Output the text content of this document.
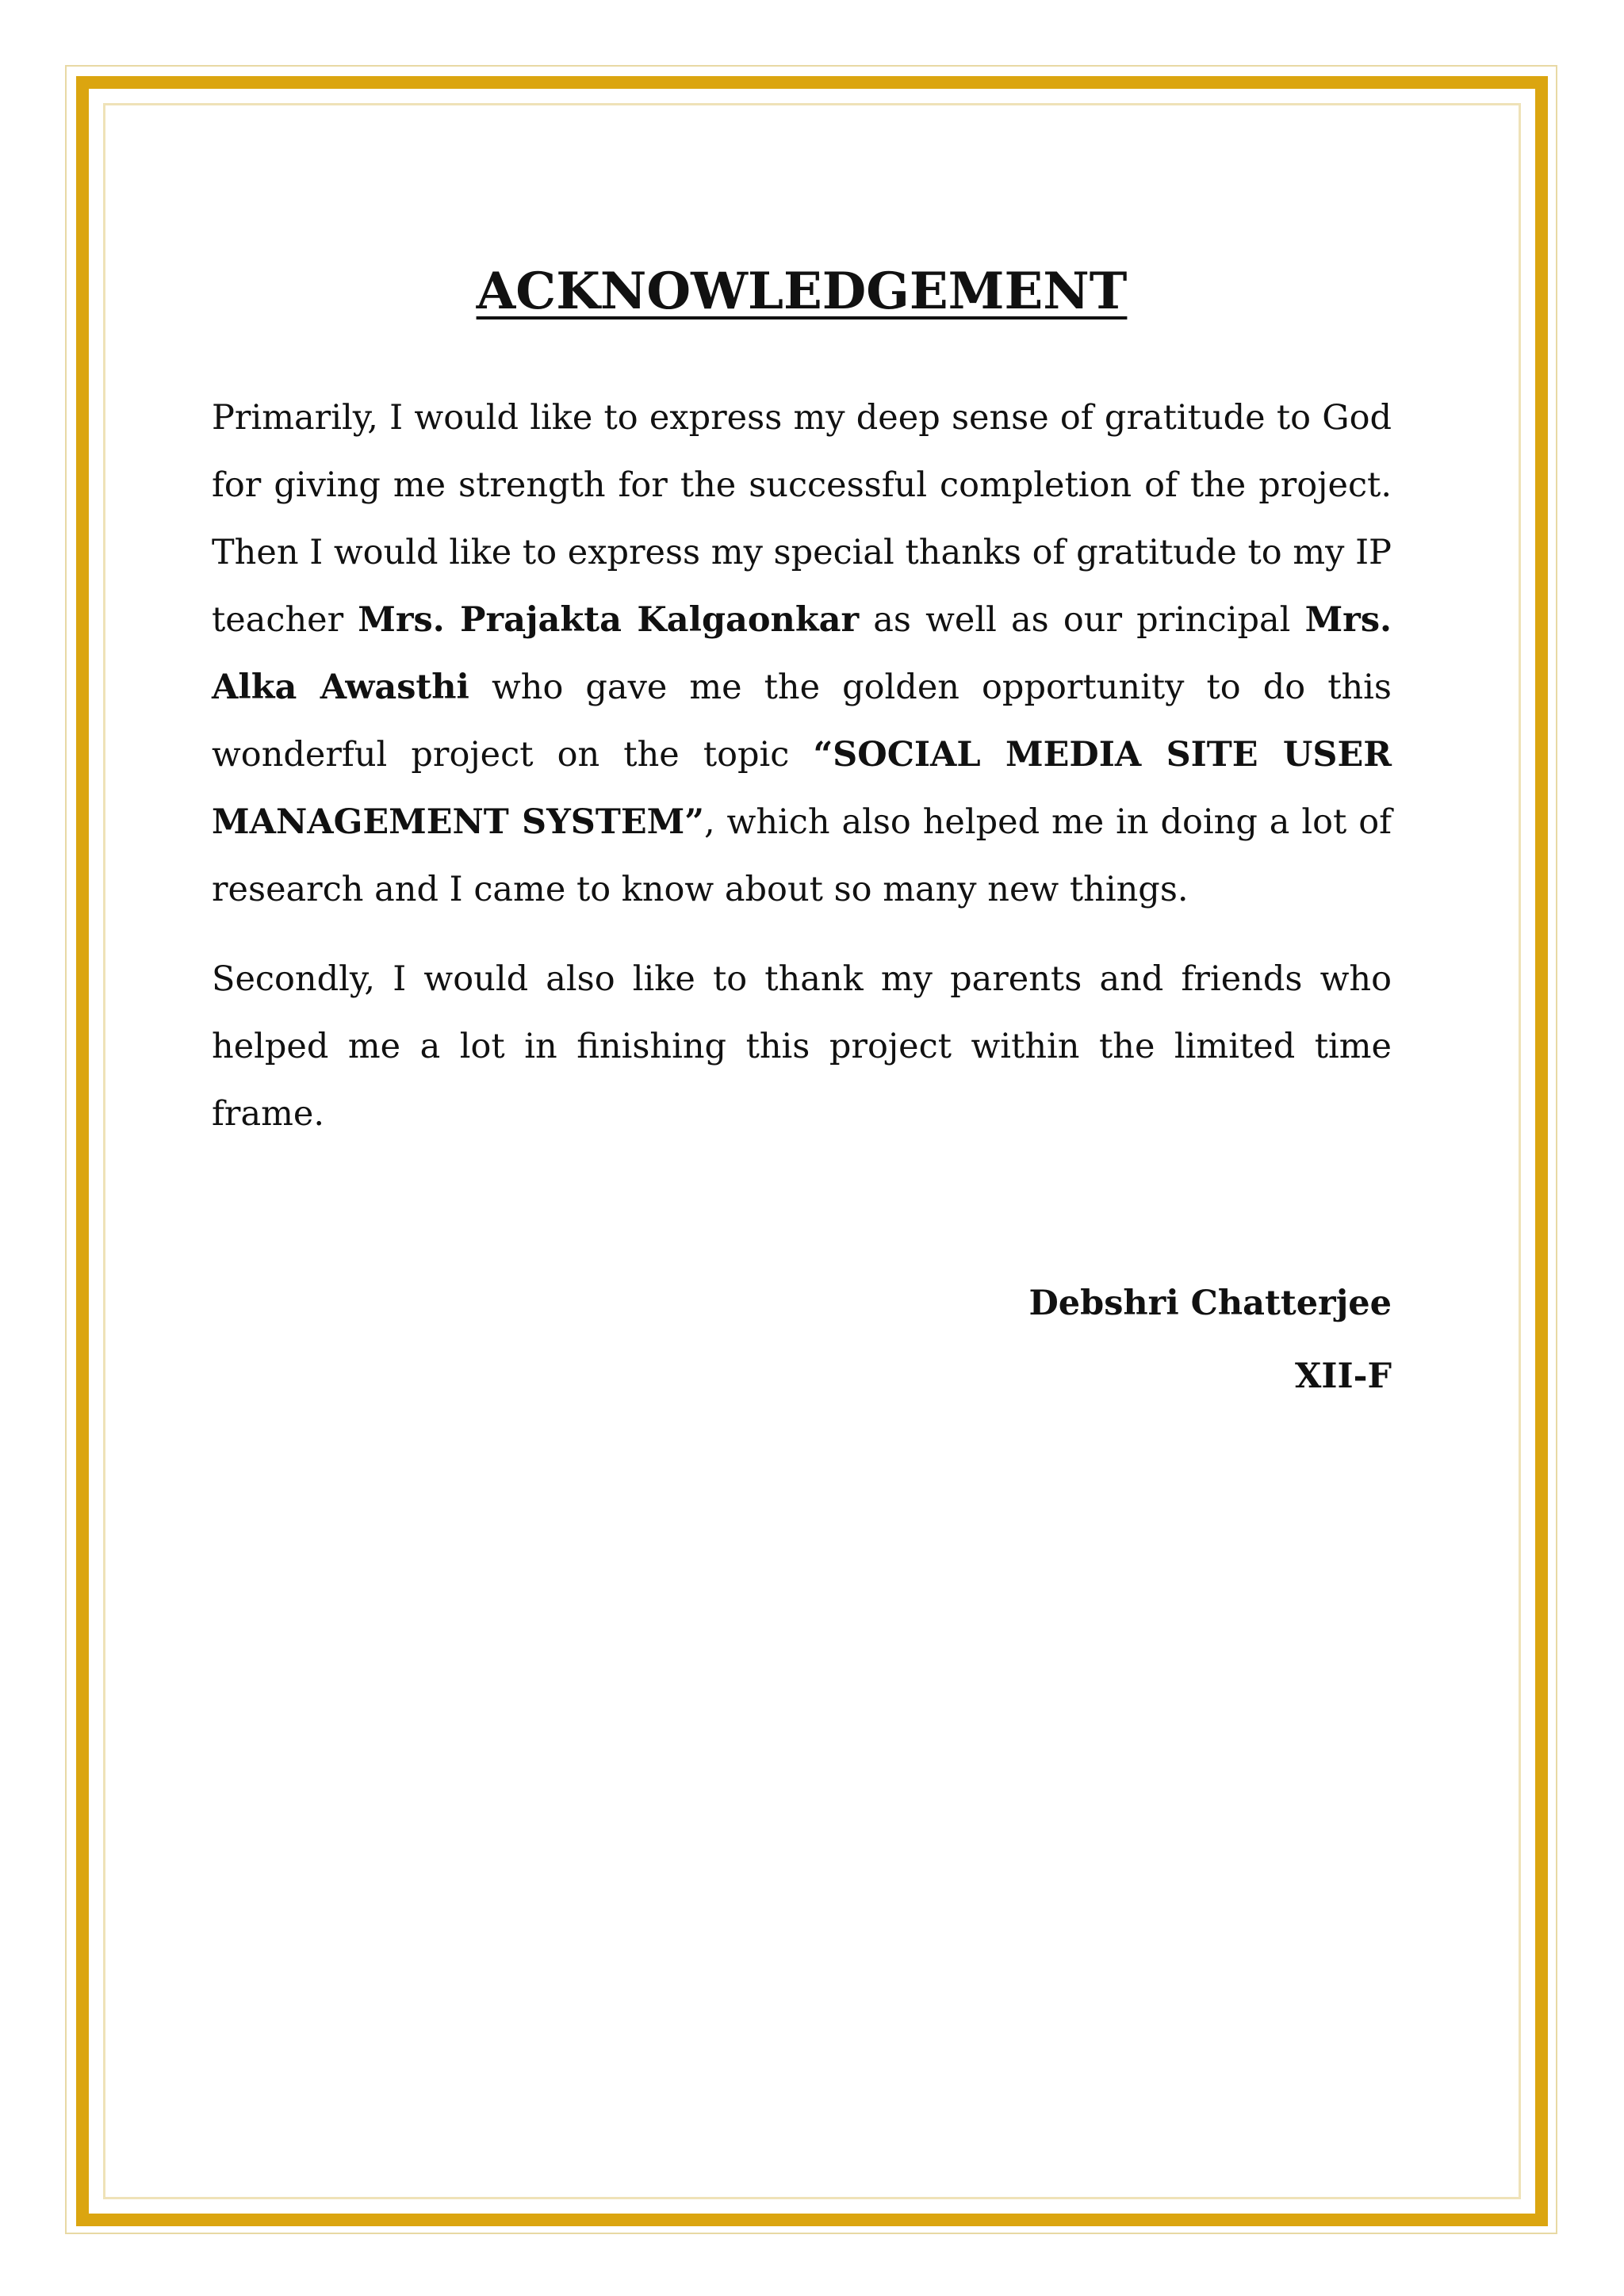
ACKNOWLEDGEMENT

Primarily, I would like to express my deep sense of gratitude to God for giving me strength for the successful completion of the project. Then I would like to express my special thanks of gratitude to my IP teacher Mrs. Prajakta Kalgaonkar as well as our principal Mrs. Alka Awasthi who gave me the golden opportunity to do this wonderful project on the topic “SOCIAL MEDIA SITE USER MANAGEMENT SYSTEM”, which also helped me in doing a lot of research and I came to know about so many new things.

Secondly, I would also like to thank my parents and friends who helped me a lot in finishing this project within the limited time frame.

Debshri Chatterjee
XII-F
